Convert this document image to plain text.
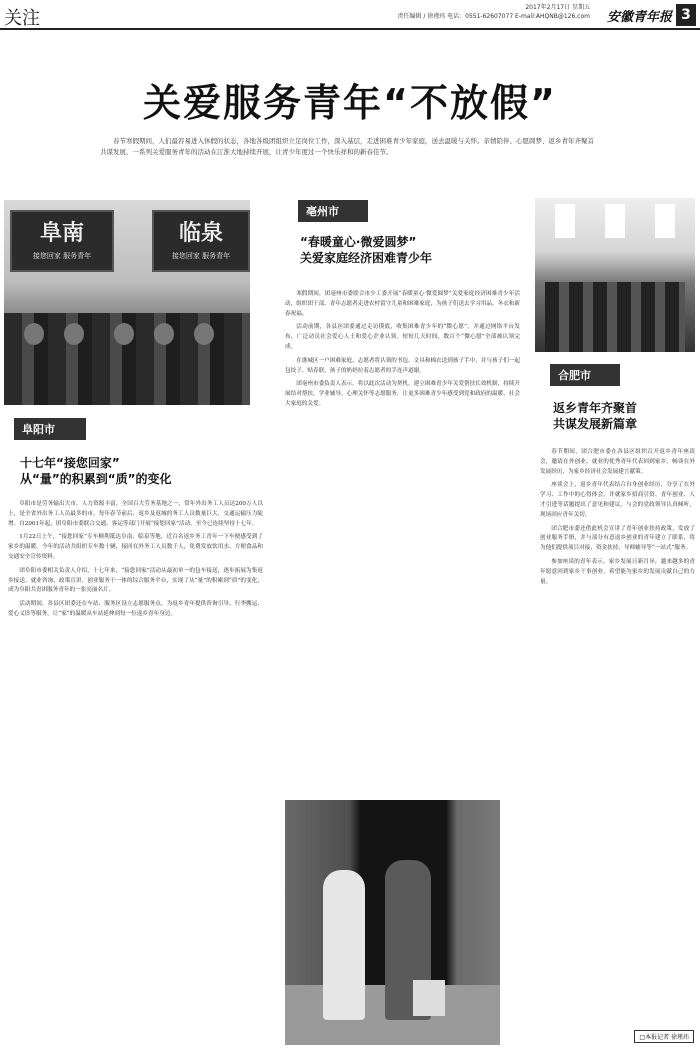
关注
2017年2月17日 星期五
责任编辑 / 徐瑾玮 电话：0551-62607077 E-mail:AHQNB@126.com 安徽青年报 3
关爱服务青年“不放假”

春节寒假期间，人们最容易进入休假的状态，各地各级团组织立足岗位工作，深入基层，走进困难青少年家庭，送去温暖与关怀。亲情陪伴、心愿圆梦、返乡青年齐聚首共谋发展，一系列关爱服务青年的活动在江淮大地持续开展，让青少年度过一个快乐祥和的新春佳节。

阜南
接您回家 服务青年
临泉
接您回家 服务青年
阜阳市
十七年“接您回家”
从“量”的积累到“质”的变化

阜阳市是劳务输出大市，人力资源丰富，全国百大劳务基地之一，常年外出务工人员达200万人以上，是全省外出务工人员最多的市。每年春节前后，返乡及返城的务工人员数量巨大，交通运输压力陡增。自2001年起，团阜阳市委联合交通、客运等部门开展“接您回家”活动，至今已连续坚持十七年。

1月22日上午，“接您回家”专车顺利抵达阜南、临泉等地，近百名返乡务工青年一下车便感受到了家乡的温暖。今年的活动共组织专车数十辆，接回在外务工人员数千人，免费发放饮用水、方便食品和交通安全宣传资料。

团阜阳市委相关负责人介绍，十七年来，“接您回家”活动从最初单一的包车接送，逐步拓展为集返乡接送、就业咨询、政策宣讲、创业服务于一体的综合服务平台，实现了从“量”的积累到“质”的变化，成为阜阳共青团服务青年的一张亮丽名片。

活动期间，各县区团委还在车站、服务区设立志愿服务点，为返乡青年提供咨询引导、行李搬运、爱心义诊等服务，让“家”的温暖从车站延伸到每一位返乡青年身边。

亳州市
“春暖童心·微爱圆梦”
关爱家庭经济困难青少年

寒假期间，团亳州市委联合市少工委开展“春暖童心·微爱圆梦”关爱家庭经济困难青少年活动，组织团干部、青年志愿者走进农村留守儿童和困难家庭，为孩子们送去学习用品、冬衣和新春祝福。

活动前期，各县区团委通过走访摸底，收集困难青少年的“微心愿”，并通过网络平台发布，广泛动员社会爱心人士和爱心企业认领。短短几天时间，数百个“微心愿”全部被认领完成。

在谯城区一户困难家庭，志愿者将认领的书包、文具和棉衣送到孩子手中，并与孩子们一起包饺子、贴春联。孩子的奶奶拉着志愿者的手连声道谢。

团亳州市委负责人表示，将以此次活动为契机，建立困难青少年关爱帮扶长效机制，持续开展结对帮扶、学业辅导、心理关怀等志愿服务，让更多困难青少年感受到党和政府的温暖、社会大家庭的关爱。

合肥市
返乡青年齐聚首
共谋发展新篇章

春节期间，团合肥市委在各县区组织召开返乡青年座谈会，邀请在外创业、就业的优秀青年代表回到家乡，畅谈在外发展经历，为家乡经济社会发展建言献策。

座谈会上，返乡青年代表结合自身创业经历，分享了在外学习、工作中的心得体会，并就家乡招商引资、青年创业、人才引进等话题提出了意见和建议。与会的党政领导认真倾听，现场回应青年关切。

团合肥市委还借此机会宣讲了青年创业扶持政策，发放了创业服务手册，并与部分有意返乡创业的青年建立了联系，将为他们提供项目对接、资金扶持、导师辅导等“一站式”服务。

参加座谈的青年表示，家乡发展日新月异，越来越多的青年愿意回到家乡干事创业，希望能为家乡的发展贡献自己的力量。

□本报记者 徐瑾玮
